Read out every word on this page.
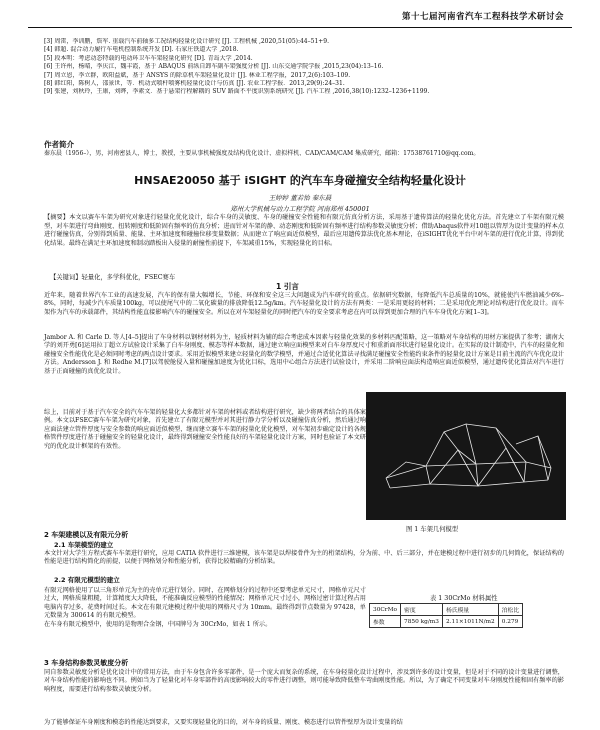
第十七届河南省汽车工程科技学术研讨会
[3] 周雷，李训鹏，詹军. 重载汽车前轴多工况结构轻量化设计研究 [J]. 工程机械 ,2020,51(05):44–51+9.
[4] 韩超. 混合动力履行车电机控制系统开发 [D]. 石家庄铁道大学 ,2018.
[5] 段本明：考虑动态特载的电动环卫车车架轻量化研究 [D]. 青岛大学 ,2014.
[6] 王许州，杨晴，李庆江，魏丰霞，基于 ABAQUS 前纵自卸车副车架强度分析 [J]. 山东交通学院学报 ,2015,23(04):13–16.
[7] 周立恩，李立群，欧阳益斌，基于 ANSYS 的除草机车架轻量化设计 [J]. 林业工程学报，2017,2(6):103–109.
[8] 韩红阳，陈树人，邵景世，等．机动式喷杆喷雾机轻量化设计与仿真 [J]. 农业工程学报．2013,29(9):24–31.
[9] 张建，刘秋玲，王康，刘晔，李素文．基于悬架行程解耦的 SUV 路面不平度识别系统研究 [J]. 汽车工程 ,2016,38(10):1232–1236+1199.
作者简介
秦东晨（1956–），男，河南密县人，博士，教授，主要从事机械强度及结构优化设计、虚拟样机、CAD/CAM/CAM 集成研究，邮箱：17538761710@qq.com。
HNSAE20050 基于 iSIGHT 的汽车车身碰撞安全结构轻量化设计
王婷婷 董若怡 秦东晨
郑州大学机械与动力工程学院 河南郑州 450001
【摘要】本文以赛车车架为研究对象进行轻量化优化设计，综合车身的灵敏度、车身的碰撞安全性能和有限元仿真分析方法，采用基于遗传算法的轻量化优化方法。首先建立了车架有限元模型，对车架进行弯曲刚度、扭转刚度和低阶固有频率的仿真分析；进而针对车架的静、动态刚度和低阶固有频率进行结构参数灵敏度分析；借助Abaqus软件对10组以管厚为设计变量的样本点进行碰撞仿真，分别得到质量、能量、主环加速度和碰撞位移变量数据；从而建立了响应面近似模型，最后应用遗传算法优化基本理论，在iSIGHT优化平台中对车架的进行优化计算，得到优化结果。最终在满足主环加速度和制动踏板出入侵量的耐撞性前提下，车架减重15%，实现轻量化的目标。
【关键词】轻量化，多学科优化，FSEC赛车
1 引言
近年来，随着世界汽车工业的高速发展，汽车的保有量大幅增长，节能、环保和安全这三大问题成为汽车研究的重点。依据研究数据，每降低汽车总质量的10%，就能使汽车燃油减少6%–8%，同时，每减少汽车质量100kg，可以使尾气中的二氧化碳量的排放降低12.5g/km。汽车轻量化设计的方法有两类：一是采用更轻的材料；二是采用优化理论对结构进行优化设计。而车架作为汽车的承载部件，其结构性能直接影响汽车的碰撞安全。所以在对车架轻量化的同时把汽车的安全要求考虑在内可以得到更加合理的汽车车身优化方案[1–3]。
Jambor A. 和 Carle D. 等人[4–5]提出了车身材料以钢材材料为主，轻质材料为辅的综合考虑成本因素与轻量化效果的多材料匹配策略，这一策略对车身结构的用材方案提供了参考；湖南大学的刘开勇[6]运用拉丁超立方试验设计采集了白车身刚度、模态等样本数据，通过建立响应面模型来对白车身厚度尺寸和重新面形状进行轻量化设计。在实际的设计制造中，汽车的轻量化和碰撞安全性能优化是必须同时考虑的两点设计要求。采用近似模型来建立轻量化的数学模型，并通过合适优化算法寻找满足碰撞安全性能约束条件的轻量化设计方案是目前主流的汽车优化设计方法。Andersson J. 和 Redhe M.[7]以驾驶舱侵入量和碰撞加速度为优化目标，选用中心组合方法进行试验设计，并采用二阶响应面法构造响应面近似模型，通过遗传优化算法对汽车进行基于正面碰撞的真优化设计。
综上，目前对于基于汽车安全的汽车车架的轻量化大多都针对车架的材料或者结构进行研究，缺少将两者结合的具体案例。本文以FSEC赛车车架为研究对象，首先建立了有限元模型并对其进行静力学分析以及碰撞仿真分析，然后通过响应面法建立管件厚度与安全参数的响应面近似模型，继而建立赛车车架的轻量化优化模型，对车架初步确定设计的各规格管件厚度进行基于碰撞安全的轻量化设计，最终得到碰撞安全性能良好的车架轻量化设计方案，同时也验证了本文研究的优化设计框架的有效性。
图 1 车架几何模型
2 车架建模以及有限元分析
2.1 车架模型的建立
本文针对大学生方程式赛车车架进行研究，应用 CATIA 软件进行三维建模，该车架是以焊接骨件为主的桁架结构，分为前、中、后三部分，并在建模过程中进行初步的几何简化，保证结构的性能是进行结构简化的前提，以便于网格划分和性能分析，获得比较精确的分析结果。
2.2 有限元模型的建立
有限元网格使用了以三角形单元为主的壳单元进行划分。同时，在网格划分的过程中还要考虑单元尺寸，网格单元尺寸过大，网格质量粗糙，计算精度大大降低，不能准确反应模型的性能情况；网格单元尺寸过小，网格过密计算过程占用电脑内存过多，花费时间过长。本文在有限元建模过程中使用的网格尺寸为 10mm。最终得到节点数量为 97428，单元数量为 300614 的有限元模型。
在车身有限元模型中，使用的是物理合金钢，中国牌号为 30CrMo，如表 1 所示。
表 1 30CrMo 材料属性
30CrMo	密度	杨氏模量	泊松比
参数	7850 kg/m3	2.11×1011N/m2	0.279
3 车身结构参数灵敏度分析
同自参数灵敏度分析是优化设计中的常用方法，由于车身包含许多零部件，是一个庞大而复杂的系统，在车身轻量化设计过程中，涉及到许多的设计变量，但是对于不同的设计变量进行调整，对车身结构性能的影响也不同。例如当为了轻量化对车身零部件的高度影响较大的零件进行调整，则可能导致降低整车弯曲刚度性能。所以，为了确定不同变量对车身刚度性能和固有频率的影响程度，需要进行结构参数灵敏度分析。
为了能够保证车身刚度和模态的性能达到要求，又要实现轻量化的目的，对车身的质量、刚度、模态进行以管件壁厚为设计变量的结
